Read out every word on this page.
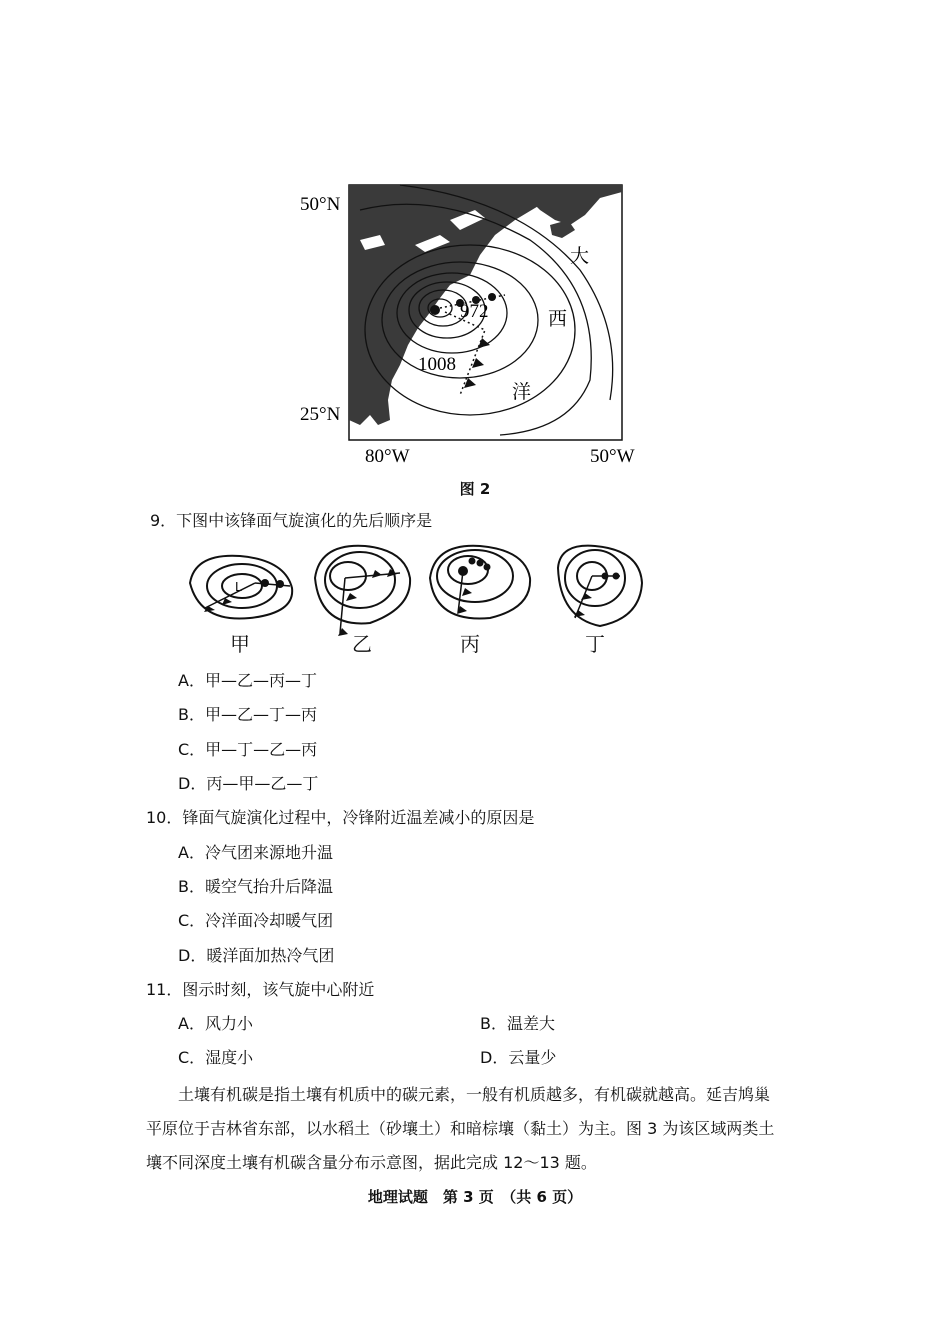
50°N
25°N
80°W	50°W
972
1008
大
西
洋
图 2
9．下图中该锋面气旋演化的先后顺序是
L
甲	乙	丙	丁
A．甲—乙—丙—丁
B．甲—乙—丁—丙
C．甲—丁—乙—丙
D．丙—甲—乙—丁
10．锋面气旋演化过程中，冷锋附近温差减小的原因是
A．冷气团来源地升温
B．暖空气抬升后降温
C．冷洋面冷却暖气团
D．暖洋面加热冷气团
11．图示时刻，该气旋中心附近
A．风力小	B．温差大
C．湿度小	D．云量少
土壤有机碳是指土壤有机质中的碳元素，一般有机质越多，有机碳就越高。延吉鸠巢
平原位于吉林省东部，以水稻土（砂壤土）和暗棕壤（黏土）为主。图 3 为该区域两类土
壤不同深度土壤有机碳含量分布示意图，据此完成 12～13 题。
地理试题　第 3 页　（共 6 页）
